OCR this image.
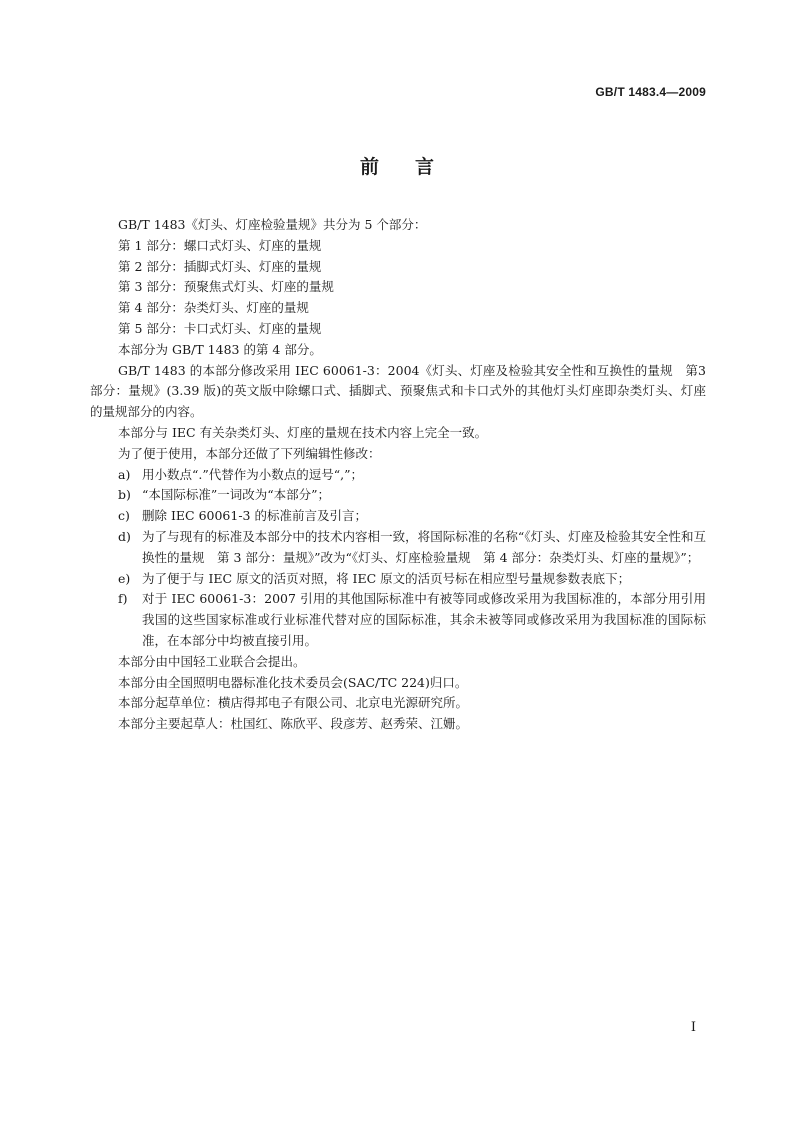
GB/T 1483.4—2009
前言

GB/T 1483《灯头、灯座检验量规》共分为 5 个部分：

第 1 部分：螺口式灯头、灯座的量规

第 2 部分：插脚式灯头、灯座的量规

第 3 部分：预聚焦式灯头、灯座的量规

第 4 部分：杂类灯头、灯座的量规

第 5 部分：卡口式灯头、灯座的量规

本部分为 GB/T 1483 的第 4 部分。

GB/T 1483 的本部分修改采用 IEC 60061-3：2004《灯头、灯座及检验其安全性和互换性的量规　第3部分：量规》(3.39 版)的英文版中除螺口式、插脚式、预聚焦式和卡口式外的其他灯头灯座即杂类灯头、灯座的量规部分的内容。

本部分与 IEC 有关杂类灯头、灯座的量规在技术内容上完全一致。

为了便于使用，本部分还做了下列编辑性修改：

a) 用小数点“.”代替作为小数点的逗号“,”；
b) “本国际标准”一词改为“本部分”；
c) 删除 IEC 60061-3 的标准前言及引言；
d) 为了与现有的标准及本部分中的技术内容相一致，将国际标准的名称“《灯头、灯座及检验其安全性和互换性的量规　第 3 部分：量规》”改为“《灯头、灯座检验量规　第 4 部分：杂类灯头、灯座的量规》”；
e) 为了便于与 IEC 原文的活页对照，将 IEC 原文的活页号标在相应型号量规参数表底下；
f)	对于 IEC 60061-3：2007 引用的其他国际标准中有被等同或修改采用为我国标准的，本部分用引用我国的这些国家标准或行业标准代替对应的国际标准，其余未被等同或修改采用为我国标准的国际标准，在本部分中均被直接引用。

本部分由中国轻工业联合会提出。

本部分由全国照明电器标准化技术委员会(SAC/TC 224)归口。

本部分起草单位：横店得邦电子有限公司、北京电光源研究所。

本部分主要起草人：杜国红、陈欣平、段彦芳、赵秀荣、江姗。

I
